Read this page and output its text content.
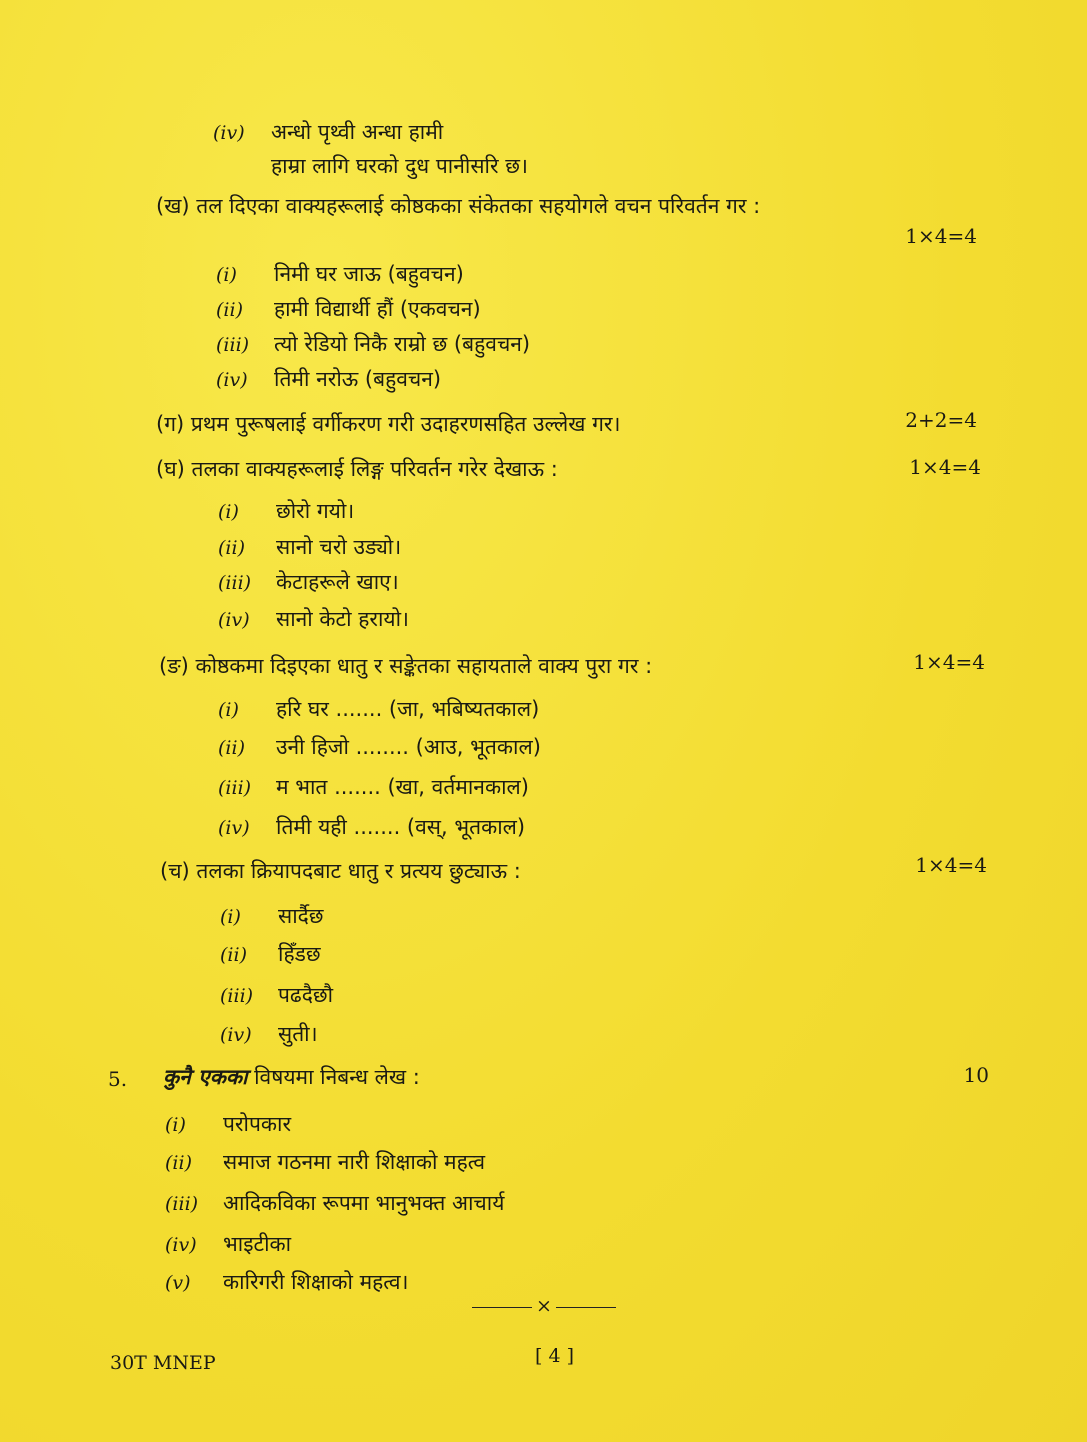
(iv)	अन्धो पृथ्वी अन्धा हामी
हाम्रा लागि घरको दुध पानीसरि छ।
(ख) तल दिएका वाक्यहरूलाई कोष्ठकका संकेतका सहयोगले वचन परिवर्तन गर :
1×4=4
(i)	निमी घर जाऊ (बहुवचन)
(ii)	हामी विद्यार्थी हौं (एकवचन)
(iii)	त्यो रेडियो निकै राम्रो छ (बहुवचन)
(iv)	तिमी नरोऊ (बहुवचन)
(ग) प्रथम पुरूषलाई वर्गीकरण गरी उदाहरणसहित उल्लेख गर।	2+2=4
(घ) तलका वाक्यहरूलाई लिङ्ग परिवर्तन गरेर देखाऊ :	1×4=4
(i)	छोरो गयो।
(ii)	सानो चरो उड्यो।
(iii)	केटाहरूले खाए।
(iv)	सानो केटो हरायो।
(ङ) कोष्ठकमा दिइएका धातु र सङ्केतका सहायताले वाक्य पुरा गर :	1×4=4
(i)	हरि घर ....... (जा, भबिष्यतकाल)
(ii)	उनी हिजो ........ (आउ, भूतकाल)
(iii)	म भात ....... (खा, वर्तमानकाल)
(iv)	तिमी यही ....... (वस्, भूतकाल)
(च) तलका क्रियापदबाट धातु र प्रत्यय छुट्याऊ :	1×4=4
(i)	सार्दैछ
(ii)	हिँडछ
(iii)	पढदैछौ
(iv)	सुती।
5. कुनै एकका विषयमा निबन्ध लेख :	10
(i)	परोपकार
(ii)	समाज गठनमा नारी शिक्षाको महत्व
(iii)	आदिकविका रूपमा भानुभक्त आचार्य
(iv)	भाइटीका
(v)	कारिगरी शिक्षाको महत्व।
×
30T MNEP	[ 4 ]
